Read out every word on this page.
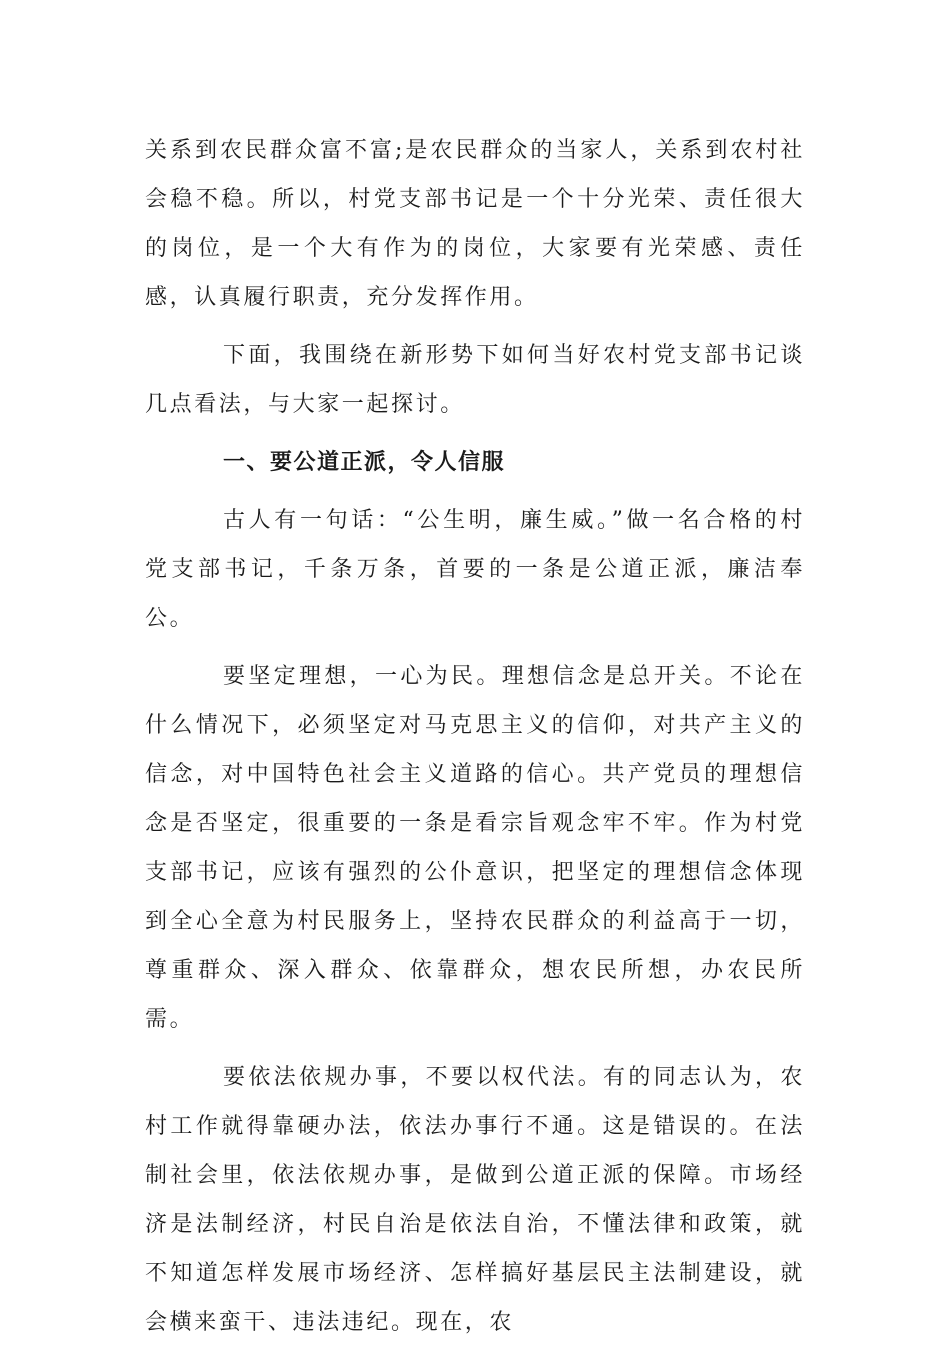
关系到农民群众富不富;是农民群众的当家人，关系到农村社会稳不稳。所以，村党支部书记是一个十分光荣、责任很大的岗位，是一个大有作为的岗位，大家要有光荣感、责任感，认真履行职责，充分发挥作用。

下面，我围绕在新形势下如何当好农村党支部书记谈几点看法，与大家一起探讨。

一、要公道正派，令人信服

古人有一句话：“公生明，廉生威。”做一名合格的村党支部书记，千条万条，首要的一条是公道正派，廉洁奉公。

要坚定理想，一心为民。理想信念是总开关。不论在什么情况下，必须坚定对马克思主义的信仰，对共产主义的信念，对中国特色社会主义道路的信心。共产党员的理想信念是否坚定，很重要的一条是看宗旨观念牢不牢。作为村党支部书记，应该有强烈的公仆意识，把坚定的理想信念体现到全心全意为村民服务上，坚持农民群众的利益高于一切，尊重群众、深入群众、依靠群众，想农民所想，办农民所需。

要依法依规办事，不要以权代法。有的同志认为，农村工作就得靠硬办法，依法办事行不通。这是错误的。在法制社会里，依法依规办事，是做到公道正派的保障。市场经济是法制经济，村民自治是依法自治，不懂法律和政策，就不知道怎样发展市场经济、怎样搞好基层民主法制建设，就会横来蛮干、违法违纪。现在，农
